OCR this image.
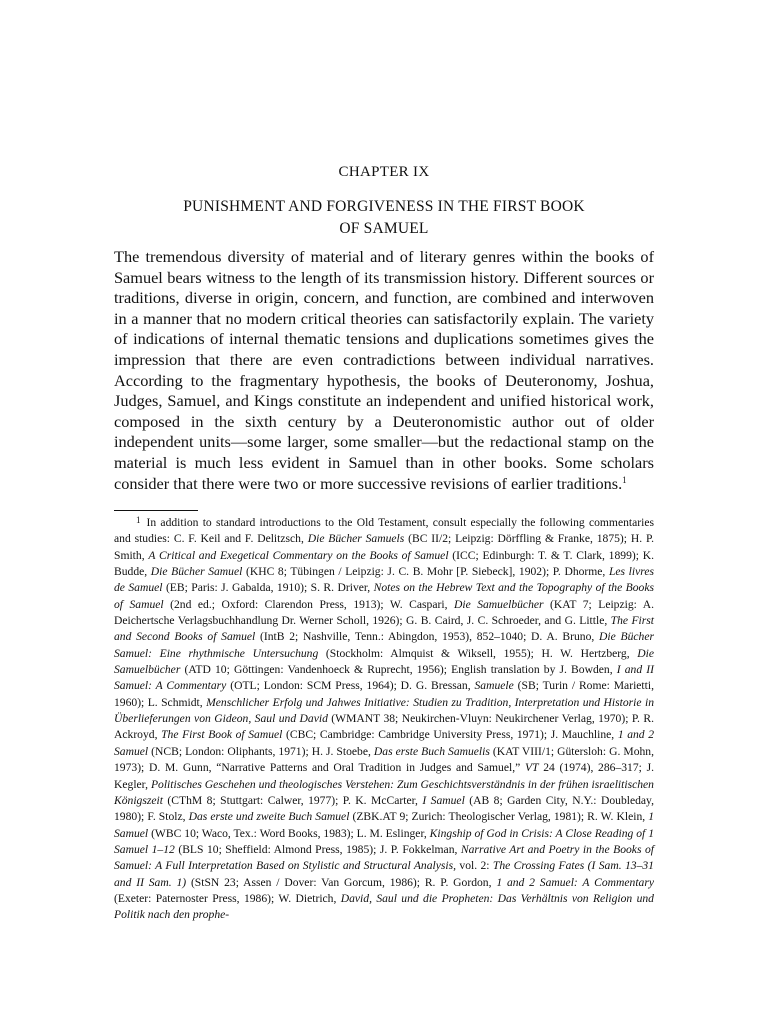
CHAPTER IX
PUNISHMENT AND FORGIVENESS IN THE FIRST BOOK
OF SAMUEL
The tremendous diversity of material and of literary genres within the books of Samuel bears witness to the length of its transmission history. Different sources or traditions, diverse in origin, concern, and function, are combined and interwoven in a manner that no modern critical theories can satisfactorily explain. The variety of indications of internal thematic tensions and duplications sometimes gives the impression that there are even contradictions between individual narratives. According to the fragmentary hypothesis, the books of Deuteronomy, Joshua, Judges, Samuel, and Kings constitute an independent and unified historical work, composed in the sixth century by a Deuteronomistic author out of older independent units—some larger, some smaller—but the redactional stamp on the material is much less evident in Samuel than in other books. Some scholars consider that there were two or more successive revisions of earlier traditions.$^1$
1 In addition to standard introductions to the Old Testament, consult especially the following commentaries and studies: C. F. Keil and F. Delitzsch, Die Bücher Samuels (BC II/2; Leipzig: Dörffling & Franke, 1875); H. P. Smith, A Critical and Exegetical Commentary on the Books of Samuel (ICC; Edinburgh: T. & T. Clark, 1899); K. Budde, Die Bücher Samuel (KHC 8; Tübingen / Leipzig: J. C. B. Mohr [P. Siebeck], 1902); P. Dhorme, Les livres de Samuel (EB; Paris: J. Gabalda, 1910); S. R. Driver, Notes on the Hebrew Text and the Topography of the Books of Samuel (2nd ed.; Oxford: Clarendon Press, 1913); W. Caspari, Die Samuelbücher (KAT 7; Leipzig: A. Deichertsche Verlagsbuchhandlung Dr. Werner Scholl, 1926); G. B. Caird, J. C. Schroeder, and G. Little, The First and Second Books of Samuel (IntB 2; Nashville, Tenn.: Abingdon, 1953), 852–1040; D. A. Bruno, Die Bücher Samuel: Eine rhythmische Untersuchung (Stockholm: Almquist & Wiksell, 1955); H. W. Hertzberg, Die Samuelbücher (ATD 10; Göttingen: Vandenhoeck & Ruprecht, 1956); English translation by J. Bowden, I and II Samuel: A Commentary (OTL; London: SCM Press, 1964); D. G. Bressan, Samuele (SB; Turin / Rome: Marietti, 1960); L. Schmidt, Menschlicher Erfolg und Jahwes Initiative: Studien zu Tradition, Interpretation und Historie in Überlieferungen von Gideon, Saul und David (WMANT 38; Neukirchen-Vluyn: Neukirchener Verlag, 1970); P. R. Ackroyd, The First Book of Samuel (CBC; Cambridge: Cambridge University Press, 1971); J. Mauchline, 1 and 2 Samuel (NCB; London: Oliphants, 1971); H. J. Stoebe, Das erste Buch Samuelis (KAT VIII/1; Gütersloh: G. Mohn, 1973); D. M. Gunn, “Narrative Patterns and Oral Tradition in Judges and Samuel,” VT 24 (1974), 286–317; J. Kegler, Politisches Geschehen und theologisches Verstehen: Zum Geschichtsverständnis in der frühen israelitischen Königszeit (CThM 8; Stuttgart: Calwer, 1977); P. K. McCarter, I Samuel (AB 8; Garden City, N.Y.: Doubleday, 1980); F. Stolz, Das erste und zweite Buch Samuel (ZBK.AT 9; Zurich: Theologischer Verlag, 1981); R. W. Klein, 1 Samuel (WBC 10; Waco, Tex.: Word Books, 1983); L. M. Eslinger, Kingship of God in Crisis: A Close Reading of 1 Samuel 1–12 (BLS 10; Sheffield: Almond Press, 1985); J. P. Fokkelman, Narrative Art and Poetry in the Books of Samuel: A Full Interpretation Based on Stylistic and Structural Analysis, vol. 2: The Crossing Fates (I Sam. 13–31 and II Sam. 1) (StSN 23; Assen / Dover: Van Gorcum, 1986); R. P. Gordon, 1 and 2 Samuel: A Commentary (Exeter: Paternoster Press, 1986); W. Dietrich, David, Saul und die Propheten: Das Verhältnis von Religion und Politik nach den prophe-
